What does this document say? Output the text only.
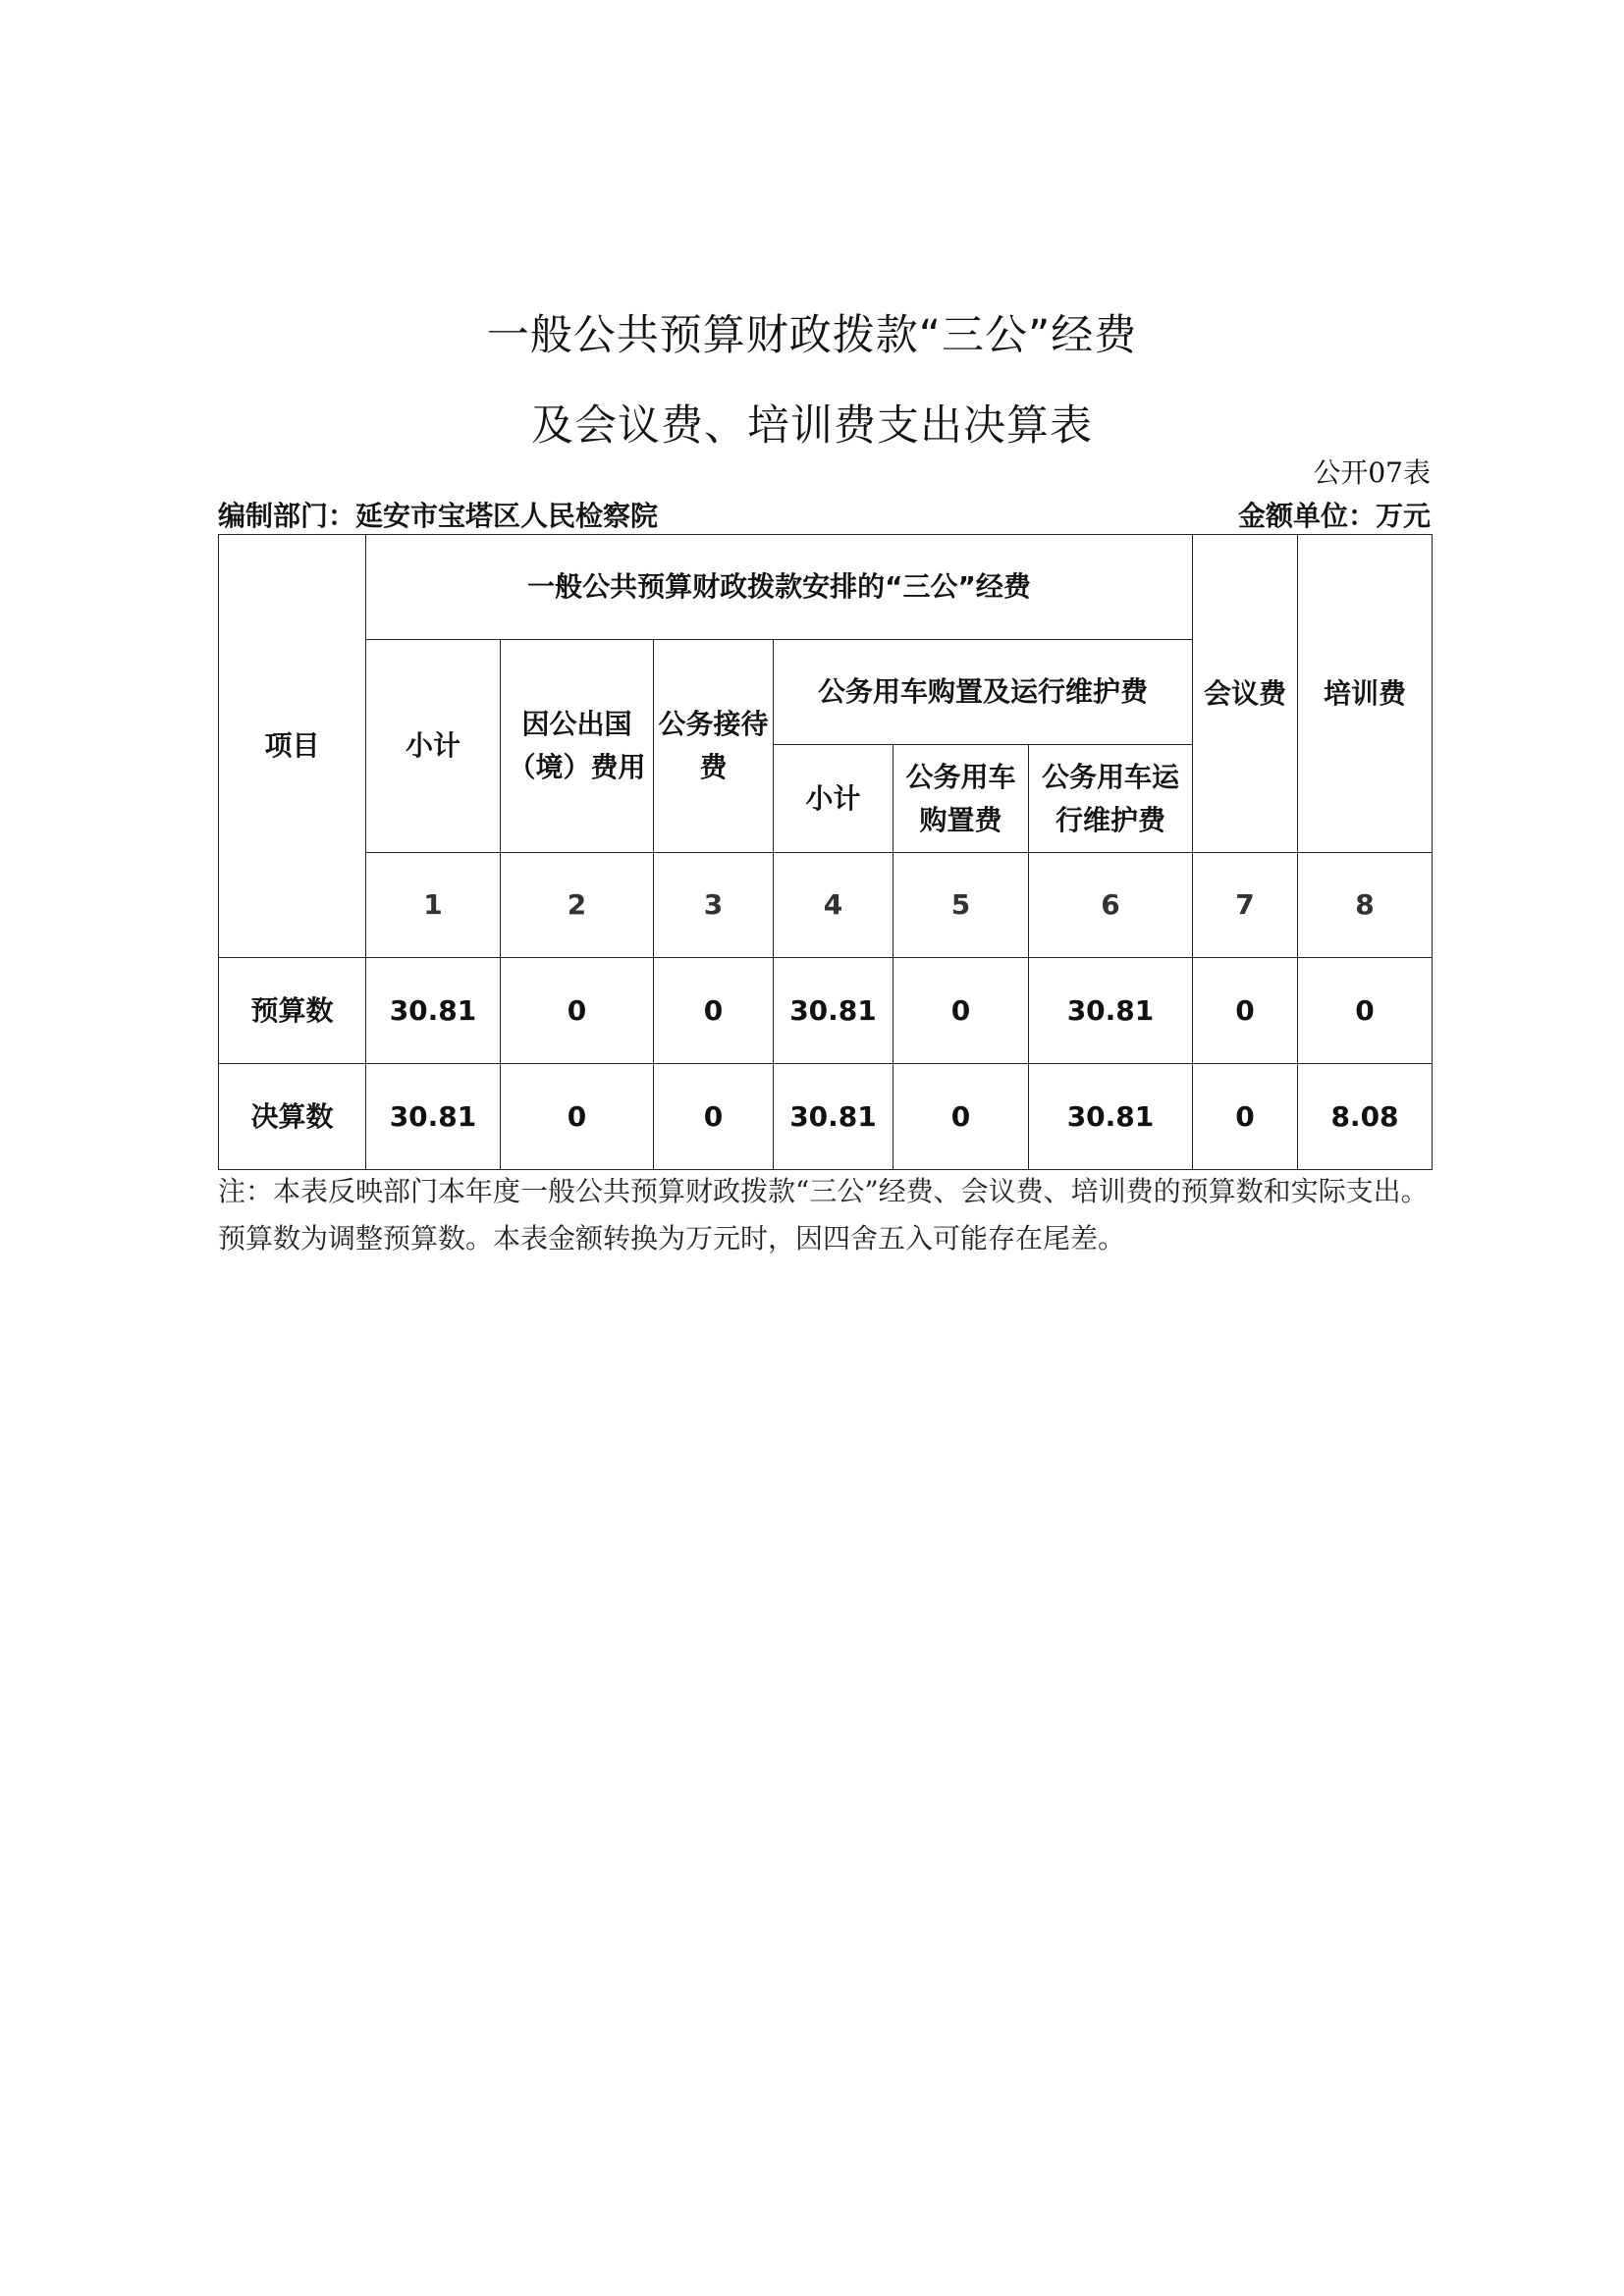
一般公共预算财政拨款“三公”经费
及会议费、培训费支出决算表
公开07表
编制部门：延安市宝塔区人民检察院	金额单位：万元
项目	一般公共预算财政拨款安排的“三公”经费						会议费	培训费
	小计	因公出国（境）费用	公务接待费	公务用车购置及运行维护费				
				小计	公务用车购置费	公务用车运行维护费		
	1	2	3	4	5	6	7	8
预算数	30.81	0	0	30.81	0	30.81	0	0
决算数	30.81	0	0	30.81	0	30.81	0	8.08
注：本表反映部门本年度一般公共预算财政拨款“三公”经费、会议费、培训费的预算数和实际支出。预算数为调整预算数。本表金额转换为万元时，因四舍五入可能存在尾差。
